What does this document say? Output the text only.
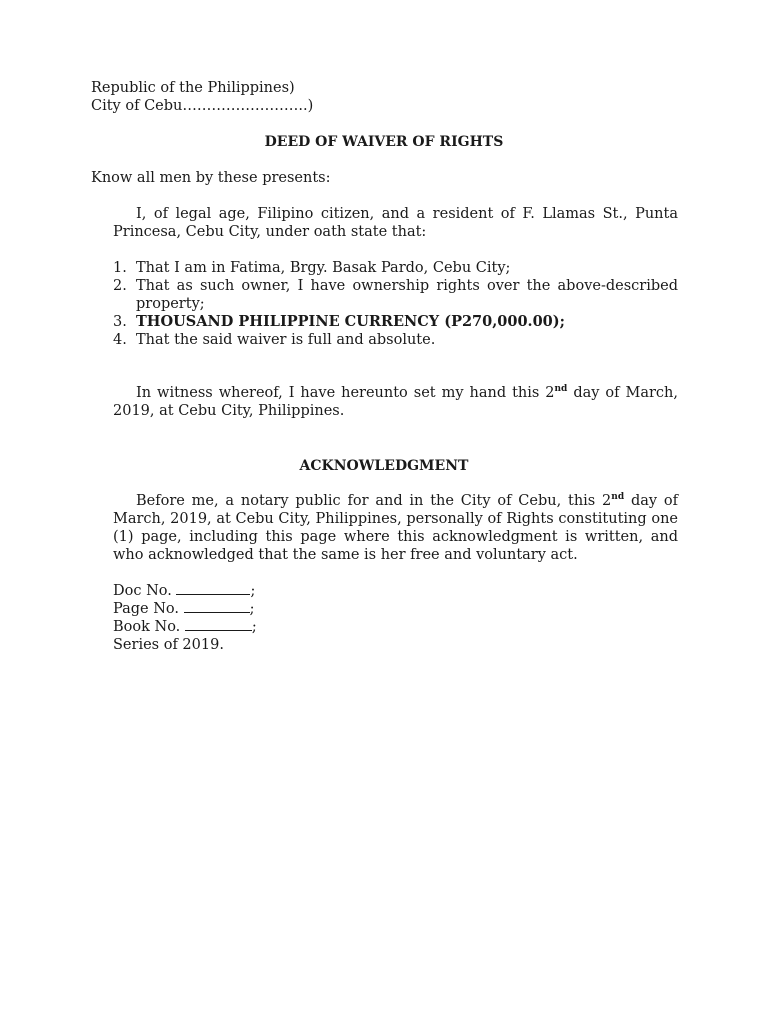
Republic of the Philippines)
City of Cebu……………………..)
DEED OF WAIVER OF RIGHTS
Know all men by these presents:
I, of legal age, Filipino citizen, and a resident of F. Llamas St., Punta Princesa, Cebu City, under oath state that:
1. That I am in Fatima, Brgy. Basak Pardo, Cebu City;
2. That as such owner, I have ownership rights over the above-described property;
3. THOUSAND PHILIPPINE CURRENCY (P270,000.00);
4. That the said waiver is full and absolute.
In witness whereof, I have hereunto set my hand this 2nd day of March, 2019, at Cebu City, Philippines.
ACKNOWLEDGMENT
Before me, a notary public for and in the City of Cebu, this 2nd day of March, 2019, at Cebu City, Philippines, personally of Rights constituting one (1) page, including this page where this acknowledgment is written, and who acknowledged that the same is her free and voluntary act.
Doc No.	;
Page No.	;
Book No.	;
Series of 2019.
